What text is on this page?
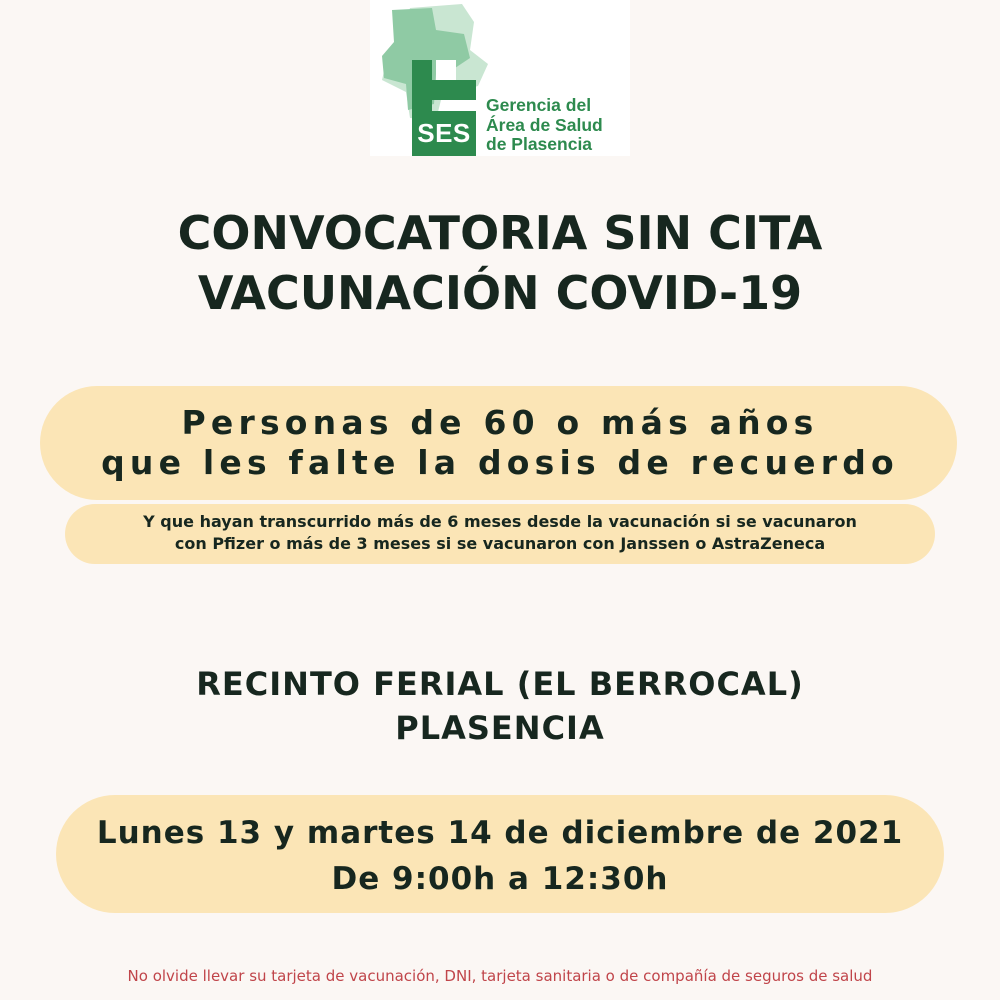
SES
Gerencia del
Área de Salud
de Plasencia
CONVOCATORIA SIN CITA
VACUNACIÓN COVID-19
Personas de 60 o más años
que les falte la dosis de recuerdo
Y que hayan transcurrido más de 6 meses desde la vacunación si se vacunaron
con Pfizer o más de 3 meses si se vacunaron con Janssen o AstraZeneca
RECINTO FERIAL (EL BERROCAL)
PLASENCIA
Lunes 13 y martes 14 de diciembre de 2021
De 9:00h a 12:30h
No olvide llevar su tarjeta de vacunación, DNI, tarjeta sanitaria o de compañía de seguros de salud
